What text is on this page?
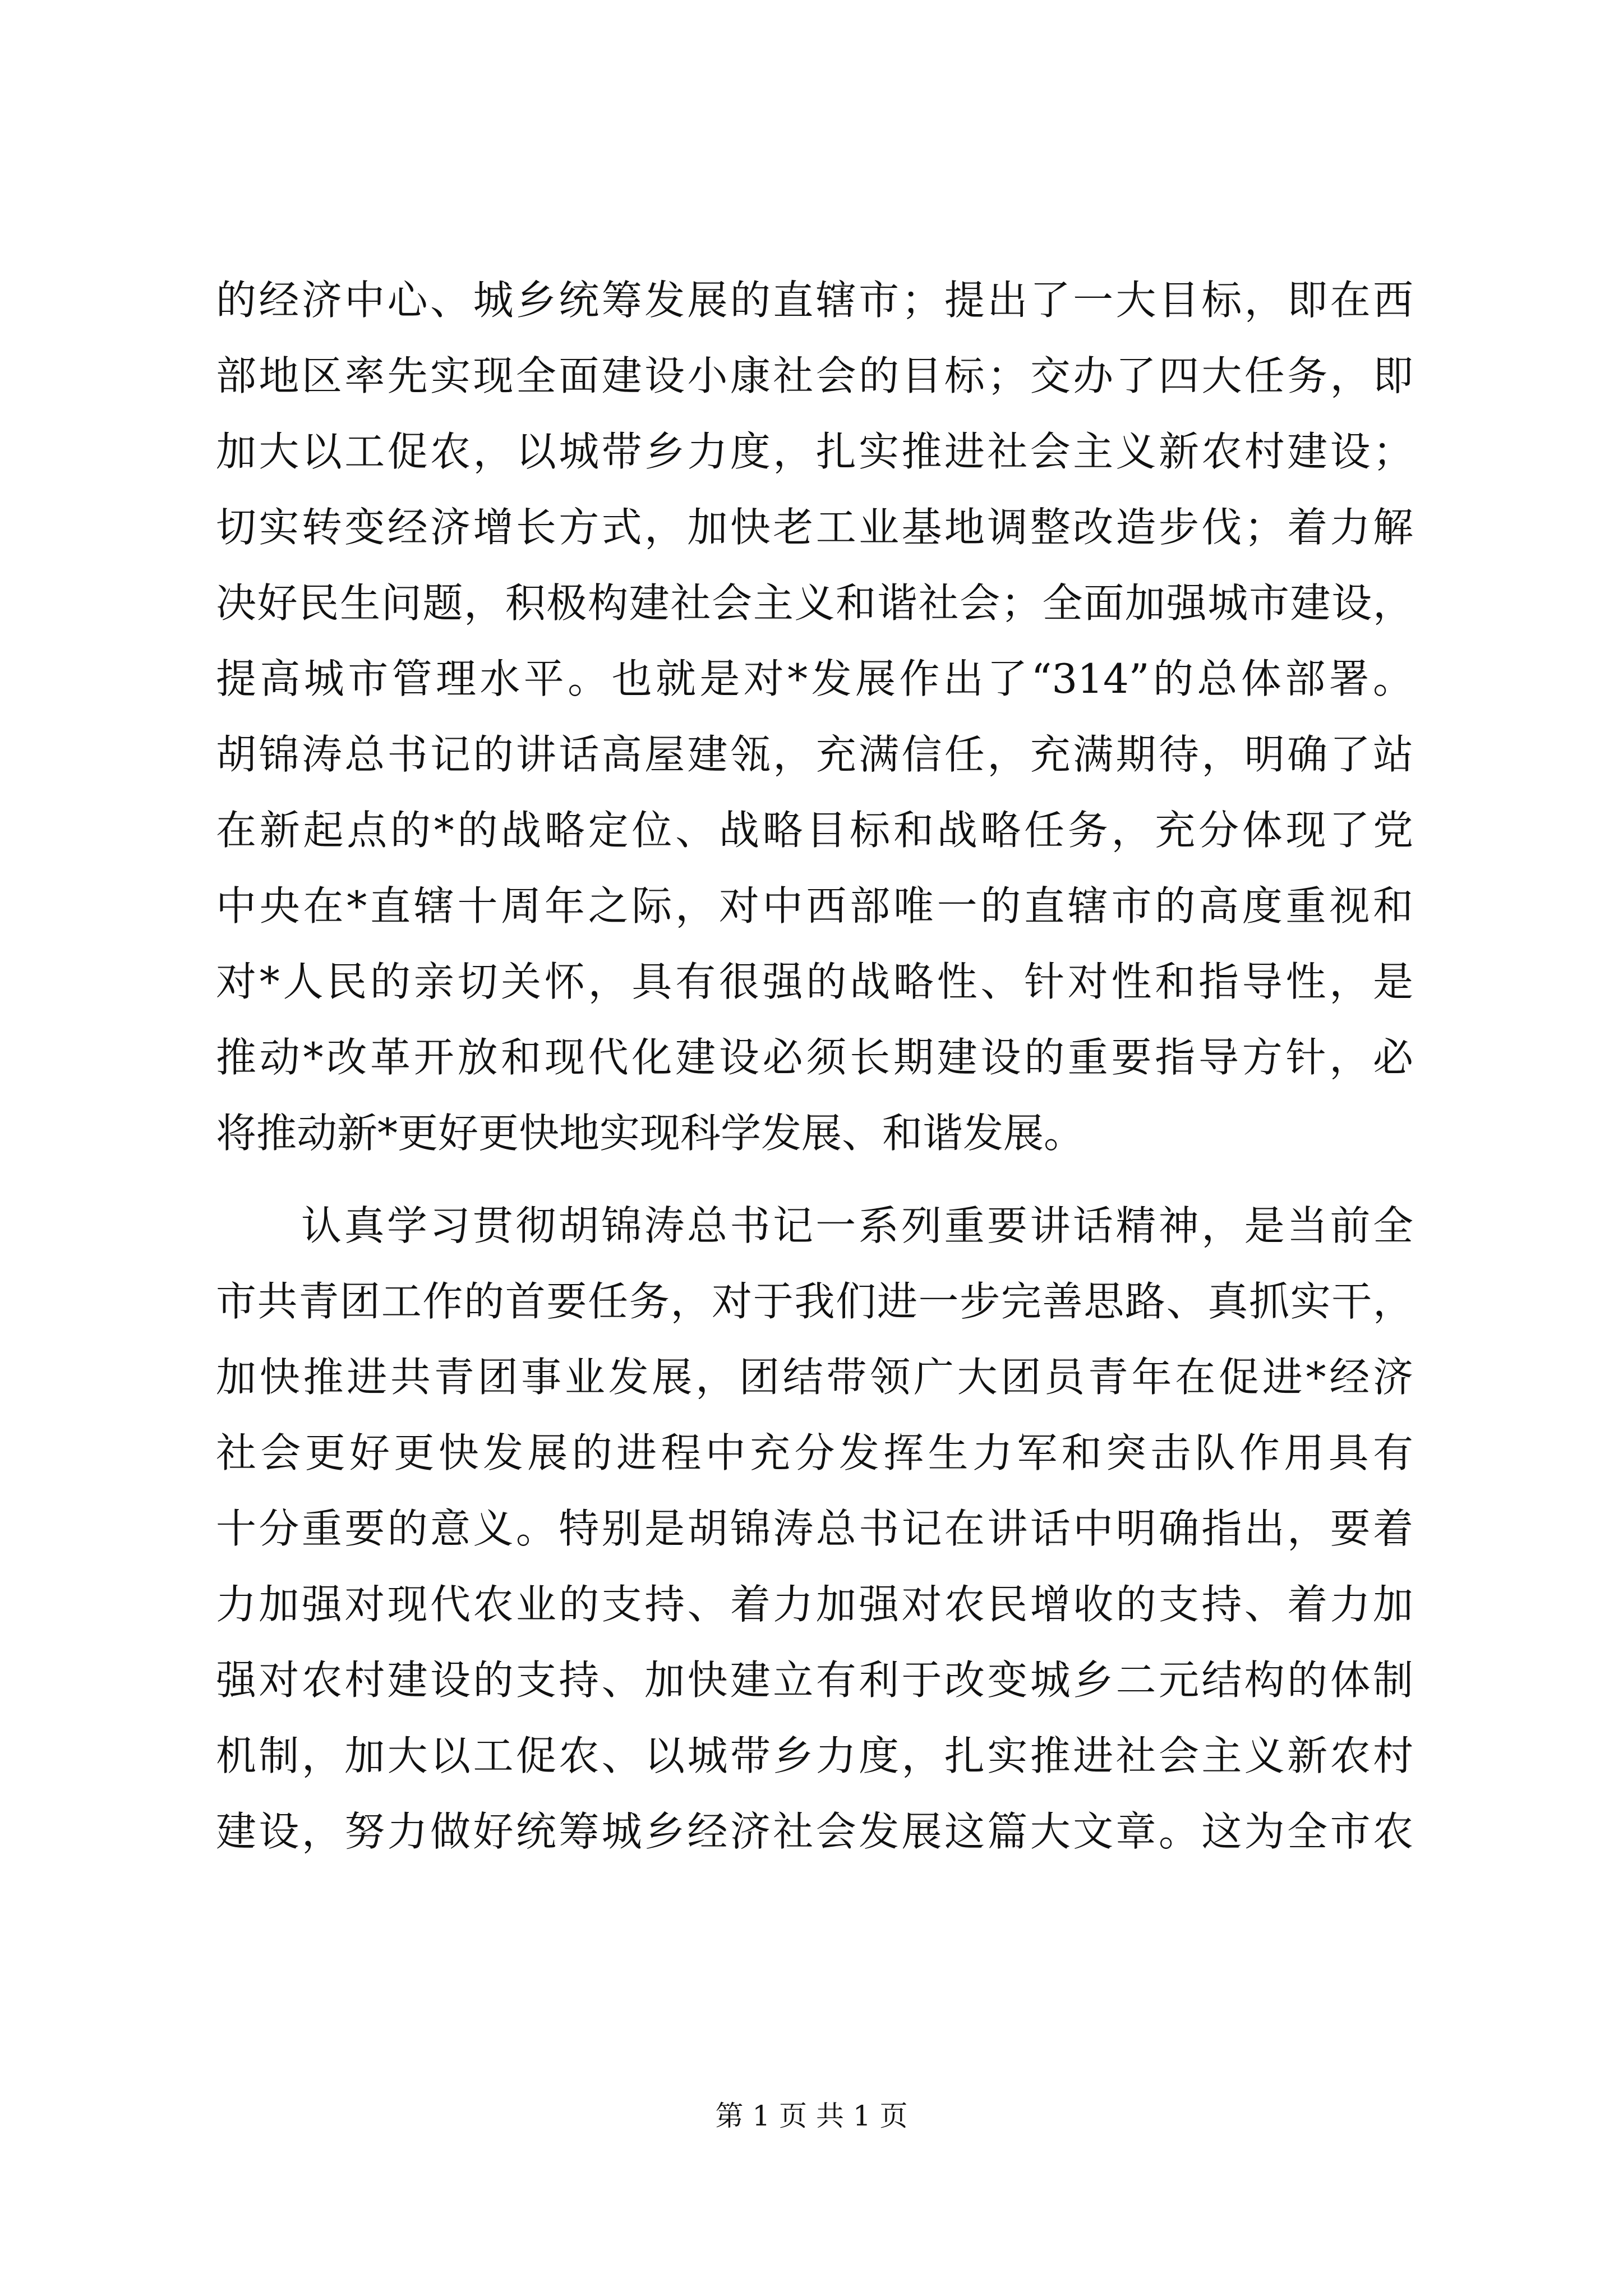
的经济中心、城乡统筹发展的直辖市；提出了一大目标，即在西
部地区率先实现全面建设小康社会的目标；交办了四大任务，即
加大以工促农，以城带乡力度，扎实推进社会主义新农村建设；
切实转变经济增长方式，加快老工业基地调整改造步伐；着力解
决好民生问题，积极构建社会主义和谐社会；全面加强城市建设，
提高城市管理水平。也就是对*发展作出了“314”的总体部署。
胡锦涛总书记的讲话高屋建瓴，充满信任，充满期待，明确了站
在新起点的*的战略定位、战略目标和战略任务，充分体现了党
中央在*直辖十周年之际，对中西部唯一的直辖市的高度重视和
对*人民的亲切关怀，具有很强的战略性、针对性和指导性，是
推动*改革开放和现代化建设必须长期建设的重要指导方针，必
将推动新*更好更快地实现科学发展、和谐发展。
认真学习贯彻胡锦涛总书记一系列重要讲话精神，是当前全
市共青团工作的首要任务，对于我们进一步完善思路、真抓实干，
加快推进共青团事业发展，团结带领广大团员青年在促进*经济
社会更好更快发展的进程中充分发挥生力军和突击队作用具有
十分重要的意义。特别是胡锦涛总书记在讲话中明确指出，要着
力加强对现代农业的支持、着力加强对农民增收的支持、着力加
强对农村建设的支持、加快建立有利于改变城乡二元结构的体制
机制，加大以工促农、以城带乡力度，扎实推进社会主义新农村
建设，努力做好统筹城乡经济社会发展这篇大文章。这为全市农
第 1 页 共 1 页
